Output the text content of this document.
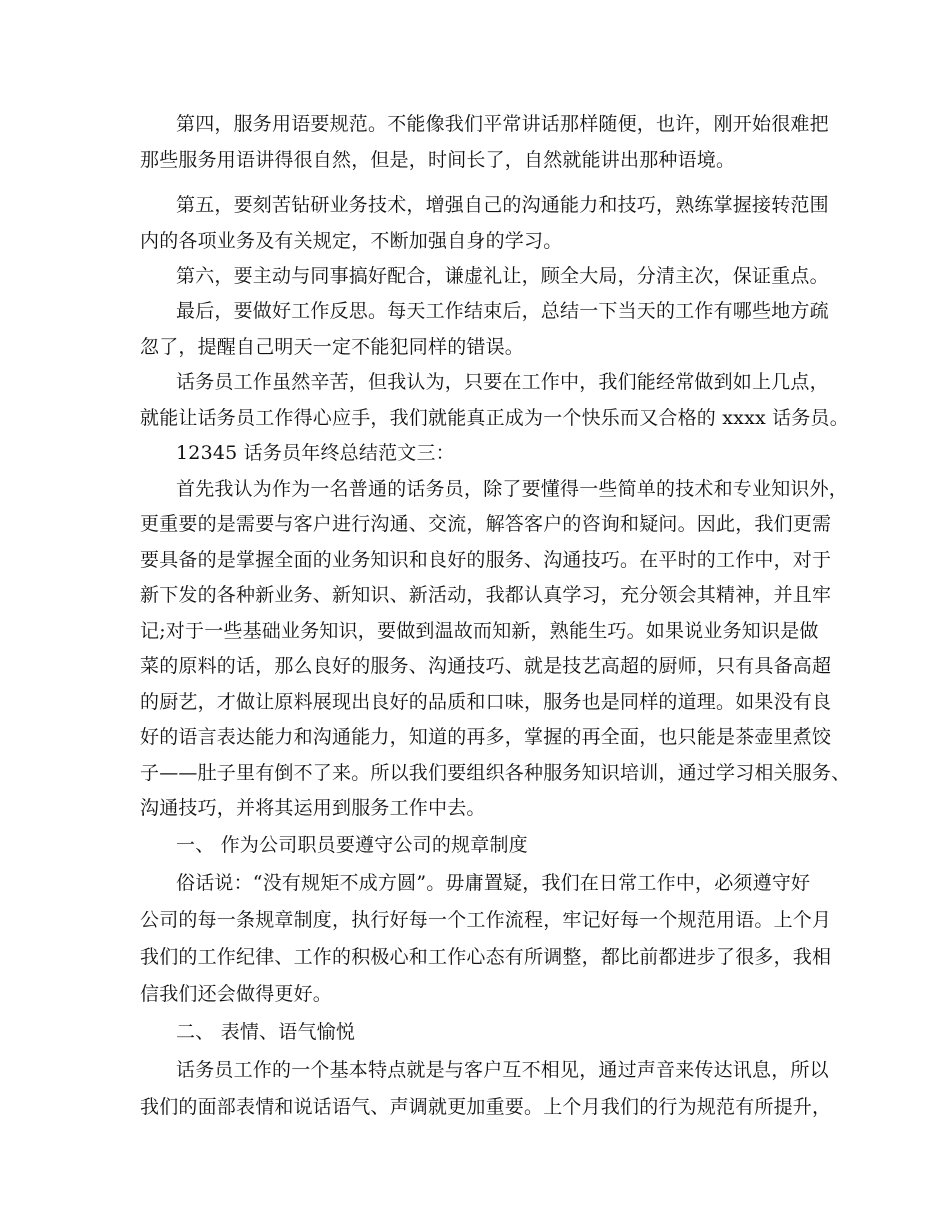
第四，服务用语要规范。不能像我们平常讲话那样随便，也许，刚开始很难把
那些服务用语讲得很自然，但是，时间长了，自然就能讲出那种语境。
第五，要刻苦钻研业务技术，增强自己的沟通能力和技巧，熟练掌握接转范围
内的各项业务及有关规定，不断加强自身的学习。
第六，要主动与同事搞好配合，谦虚礼让，顾全大局，分清主次，保证重点。
最后，要做好工作反思。每天工作结束后，总结一下当天的工作有哪些地方疏
忽了，提醒自己明天一定不能犯同样的错误。
话务员工作虽然辛苦，但我认为，只要在工作中，我们能经常做到如上几点，
就能让话务员工作得心应手，我们就能真正成为一个快乐而又合格的 xxxx 话务员。
12345 话务员年终总结范文三：
首先我认为作为一名普通的话务员，除了要懂得一些简单的技术和专业知识外，
更重要的是需要与客户进行沟通、交流，解答客户的咨询和疑问。因此，我们更需
要具备的是掌握全面的业务知识和良好的服务、沟通技巧。在平时的工作中，对于
新下发的各种新业务、新知识、新活动，我都认真学习，充分领会其精神，并且牢
记;对于一些基础业务知识，要做到温故而知新，熟能生巧。如果说业务知识是做
菜的原料的话，那么良好的服务、沟通技巧、就是技艺高超的厨师，只有具备高超
的厨艺，才做让原料展现出良好的品质和口味，服务也是同样的道理。如果没有良
好的语言表达能力和沟通能力，知道的再多，掌握的再全面，也只能是茶壶里煮饺
子——肚子里有倒不了来。所以我们要组织各种服务知识培训，通过学习相关服务、
沟通技巧，并将其运用到服务工作中去。
一、 作为公司职员要遵守公司的规章制度
俗话说：“没有规矩不成方圆”。毋庸置疑，我们在日常工作中，必须遵守好
公司的每一条规章制度，执行好每一个工作流程，牢记好每一个规范用语。上个月
我们的工作纪律、工作的积极心和工作心态有所调整，都比前都进步了很多，我相
信我们还会做得更好。
二、 表情、语气愉悦
话务员工作的一个基本特点就是与客户互不相见，通过声音来传达讯息，所以
我们的面部表情和说话语气、声调就更加重要。上个月我们的行为规范有所提升，
